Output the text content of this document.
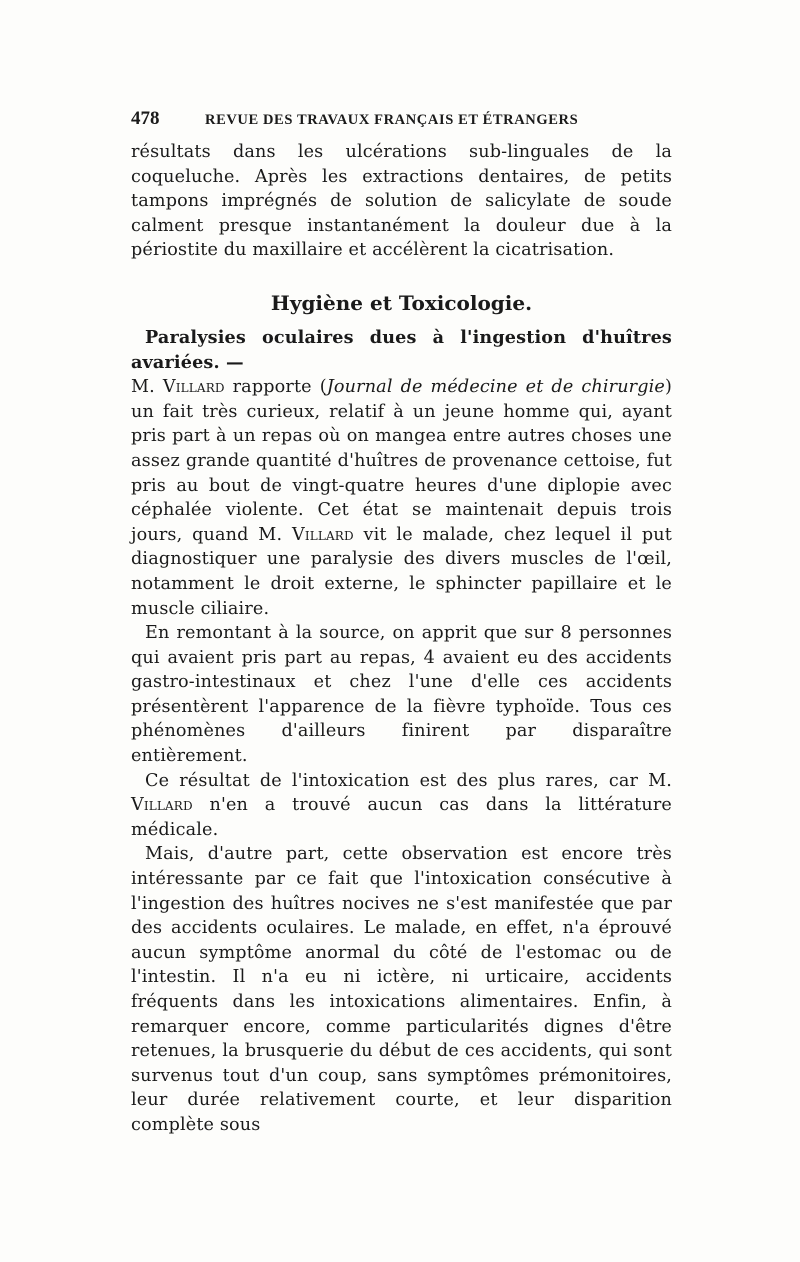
478	REVUE DES TRAVAUX FRANÇAIS ET ÉTRANGERS

résultats dans les ulcérations sub-linguales de la coqueluche. Après les extractions dentaires, de petits tampons imprégnés de solution de salicylate de soude calment presque instantanément la douleur due à la périostite du maxillaire et accélèrent la cicatrisation.

Hygiène et Toxicologie.

Paralysies oculaires dues à l'ingestion d'huîtres avariées. —
M. Villard rapporte (Journal de médecine et de chirurgie) un fait très curieux, relatif à un jeune homme qui, ayant pris part à un repas où on mangea entre autres choses une assez grande quantité d'huîtres de provenance cettoise, fut pris au bout de vingt-quatre heures d'une diplopie avec céphalée violente. Cet état se maintenait depuis trois jours, quand M. Villard vit le malade, chez lequel il put diagnostiquer une paralysie des divers muscles de l'œil, notamment le droit externe, le sphincter papillaire et le muscle ciliaire.

En remontant à la source, on apprit que sur 8 personnes qui avaient pris part au repas, 4 avaient eu des accidents gastro-intestinaux et chez l'une d'elle ces accidents présentèrent l'apparence de la fièvre typhoïde. Tous ces phénomènes d'ailleurs finirent par disparaître entièrement.

Ce résultat de l'intoxication est des plus rares, car M. Villard n'en a trouvé aucun cas dans la littérature médicale.

Mais, d'autre part, cette observation est encore très intéressante par ce fait que l'intoxication consécutive à l'ingestion des huîtres nocives ne s'est manifestée que par des accidents oculaires. Le malade, en effet, n'a éprouvé aucun symptôme anormal du côté de l'estomac ou de l'intestin. Il n'a eu ni ictère, ni urticaire, accidents fréquents dans les intoxications alimentaires. Enfin, à remarquer encore, comme particularités dignes d'être retenues, la brusquerie du début de ces accidents, qui sont survenus tout d'un coup, sans symptômes prémonitoires, leur durée relativement courte, et leur disparition complète sous
